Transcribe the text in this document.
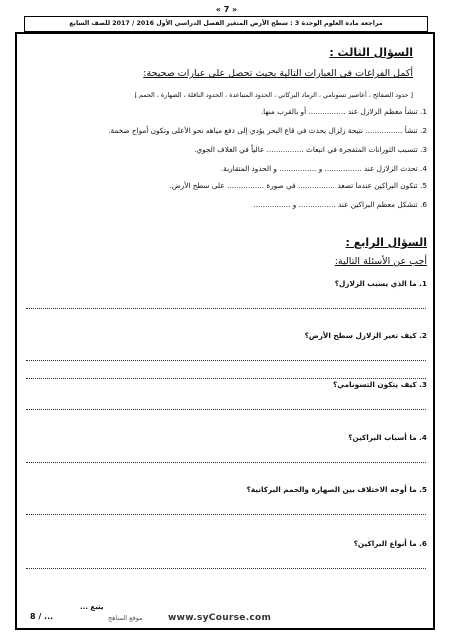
« 7 »
مراجعة مادة العلوم الوحدة 3 : سطح الأرض المتغير الفصل الدراسي الأول 2016 / 2017 للصف السابع
السؤال الثالث :
أكمل الفراغات في العبارات التالية بحيث تحصل على عبارات صحيحة:
[ حدود الصفائح ، أعاصير تسونامي ، الرماد البركاني ، الحدود المتباعدة ، الحدود الناقلة ، الصهارة ، الحمم ]
1. تنشأ معظم الزلازل عند ................ أو بالقرب منها.
2. تنشأ ................ نتيجة زلزال يحدث في قاع البحر يؤدي إلى دفع مياهه نحو الأعلى وتكون أمواج ضخمة.
3. تتسبب الثورانات المتفجرة في انبعاث ................ عالياً في الغلاف الجوي.
4. تحدث الزلازل عند ................ و ................ و الحدود المتقاربة.
5. تتكون البراكين عندما تصعد ................ في صورة ................ على سطح الأرض.
6. تتشكل معظم البراكين عند ................ و ................
السؤال الرابع :
أجب عن الأسئلة التالية:
1. ما الذي يسبب الزلازل؟
2. كيف تغير الزلازل سطح الأرض؟
3. كيف يتكون التسونامي؟
4. ما أسباب البراكين؟
5. ما أوجه الاختلاف بين الصهارة والحمم البركانية؟
6. ما أنواع البراكين؟
يتبع ...
8 / ...	www.syCourse.com
موقع المناهج
